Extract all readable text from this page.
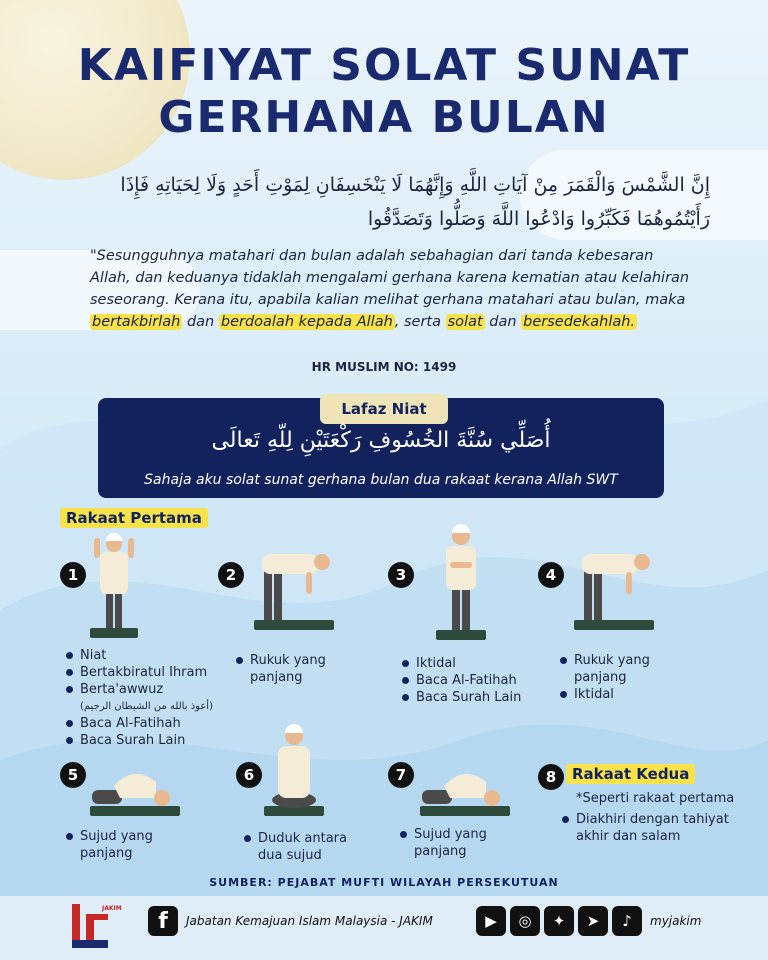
KAIFIYAT SOLAT SUNAT
GERHANA BULAN
إِنَّ الشَّمْسَ وَالْقَمَرَ مِنْ آيَاتِ اللَّهِ وَإِنَّهُمَا لَا يَنْخَسِفَانِ لِمَوْتِ أَحَدٍ وَلَا لِحَيَاتِهِ فَإِذَا رَأَيْتُمُوهُمَا فَكَبِّرُوا وَادْعُوا اللَّهَ وَصَلُّوا وَتَصَدَّقُوا
"Sesungguhnya matahari dan bulan adalah sebahagian dari tanda kebesaran Allah, dan keduanya tidaklah mengalami gerhana karena kematian atau kelahiran seseorang. Kerana itu, apabila kalian melihat gerhana matahari atau bulan, maka bertakbirlah dan berdoalah kepada Allah , serta solat dan bersedekahlah.
HR MUSLIM NO: 1499
Lafaz Niat
أُصَلِّي سُنَّةَ الخُسُوفِ رَكْعَتَيْنِ لِلّهِ تَعالَى
Sahaja aku solat sunat gerhana bulan dua rakaat kerana Allah SWT
Rakaat Pertama
1
Niat
Bertakbiratul Ihram
Berta'awwuz
(أعوذ بالله من الشيطان الرجيم)
Baca Al-Fatihah
Baca Surah Lain
2
Rukuk yang panjang
3
Iktidal
Baca Al-Fatihah
Baca Surah Lain
4
Rukuk yang panjang
Iktidal
5
Sujud yang panjang
6
Duduk antara dua sujud
7
Sujud yang panjang
8	Rakaat Kedua
*Seperti rakaat pertama
Diakhiri dengan tahiyat akhir dan salam
SUMBER: PEJABAT MUFTI WILAYAH PERSEKUTUAN
JAKIM
f	Jabatan Kemajuan Islam Malaysia - JAKIM	▶	◎	✦	➤	♪	myjakim
